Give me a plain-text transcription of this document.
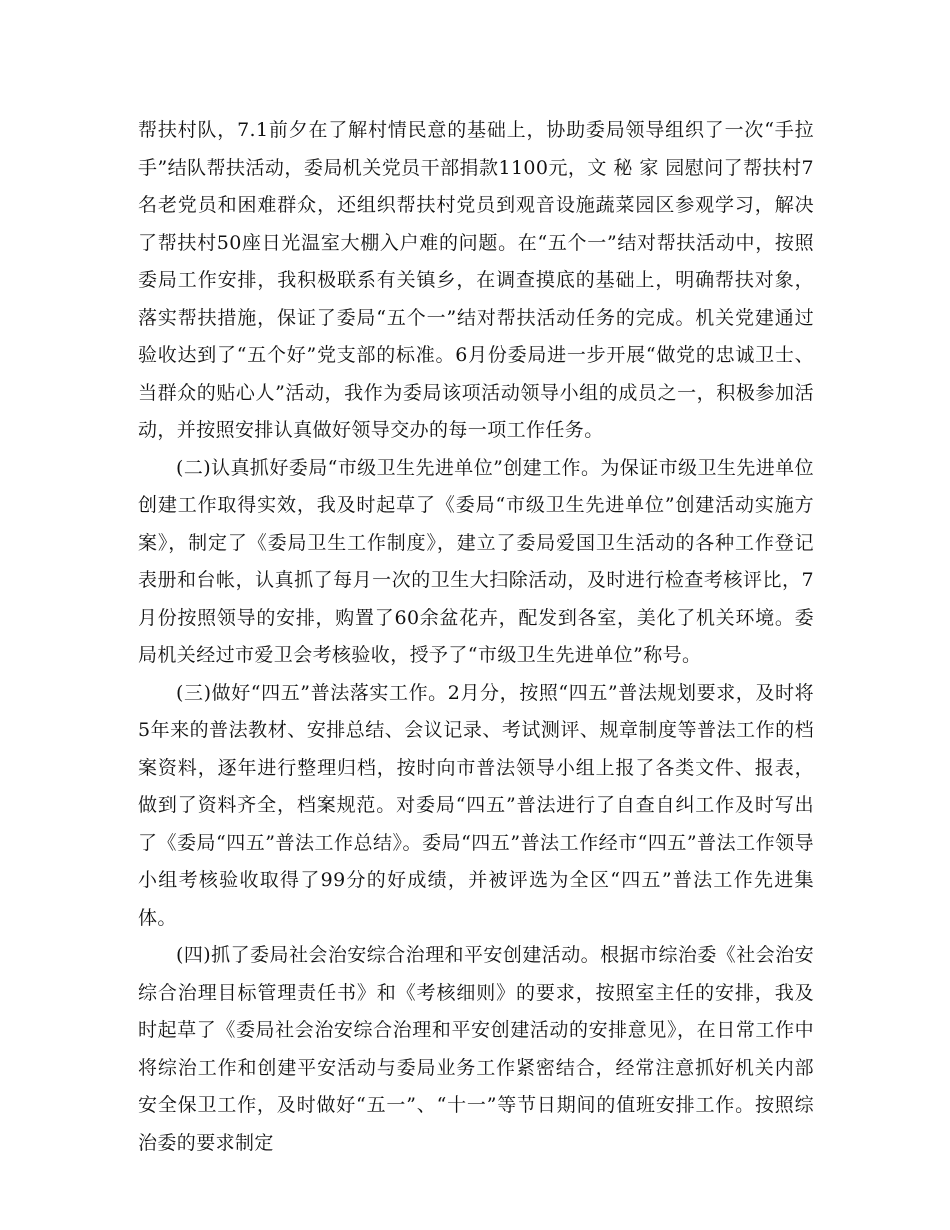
帮扶村队，7.1前夕在了解村情民意的基础上，协助委局领导组织了一次“手拉手”结队帮扶活动，委局机关党员干部捐款1100元，文 秘 家 园慰问了帮扶村7名老党员和困难群众，还组织帮扶村党员到观音设施蔬菜园区参观学习，解决了帮扶村50座日光温室大棚入户难的问题。在“五个一”结对帮扶活动中，按照委局工作安排，我积极联系有关镇乡，在调查摸底的基础上，明确帮扶对象，落实帮扶措施，保证了委局“五个一”结对帮扶活动任务的完成。机关党建通过验收达到了“五个好”党支部的标准。6月份委局进一步开展“做党的忠诚卫士、当群众的贴心人”活动，我作为委局该项活动领导小组的成员之一，积极参加活动，并按照安排认真做好领导交办的每一项工作任务。

(二)认真抓好委局“市级卫生先进单位”创建工作。为保证市级卫生先进单位创建工作取得实效，我及时起草了《委局“市级卫生先进单位”创建活动实施方案》，制定了《委局卫生工作制度》，建立了委局爱国卫生活动的各种工作登记表册和台帐，认真抓了每月一次的卫生大扫除活动，及时进行检查考核评比，7月份按照领导的安排，购置了60余盆花卉，配发到各室，美化了机关环境。委局机关经过市爱卫会考核验收，授予了“市级卫生先进单位”称号。

(三)做好“四五”普法落实工作。2月分，按照“四五”普法规划要求，及时将5年来的普法教材、安排总结、会议记录、考试测评、规章制度等普法工作的档案资料，逐年进行整理归档，按时向市普法领导小组上报了各类文件、报表，做到了资料齐全，档案规范。对委局“四五”普法进行了自查自纠工作及时写出了《委局“四五”普法工作总结》。委局“四五”普法工作经市“四五”普法工作领导小组考核验收取得了99分的好成绩，并被评选为全区“四五”普法工作先进集体。

(四)抓了委局社会治安综合治理和平安创建活动。根据市综治委《社会治安综合治理目标管理责任书》和《考核细则》的要求，按照室主任的安排，我及时起草了《委局社会治安综合治理和平安创建活动的安排意见》，在日常工作中将综治工作和创建平安活动与委局业务工作紧密结合，经常注意抓好机关内部安全保卫工作，及时做好“五一”、“十一”等节日期间的值班安排工作。按照综治委的要求制定
